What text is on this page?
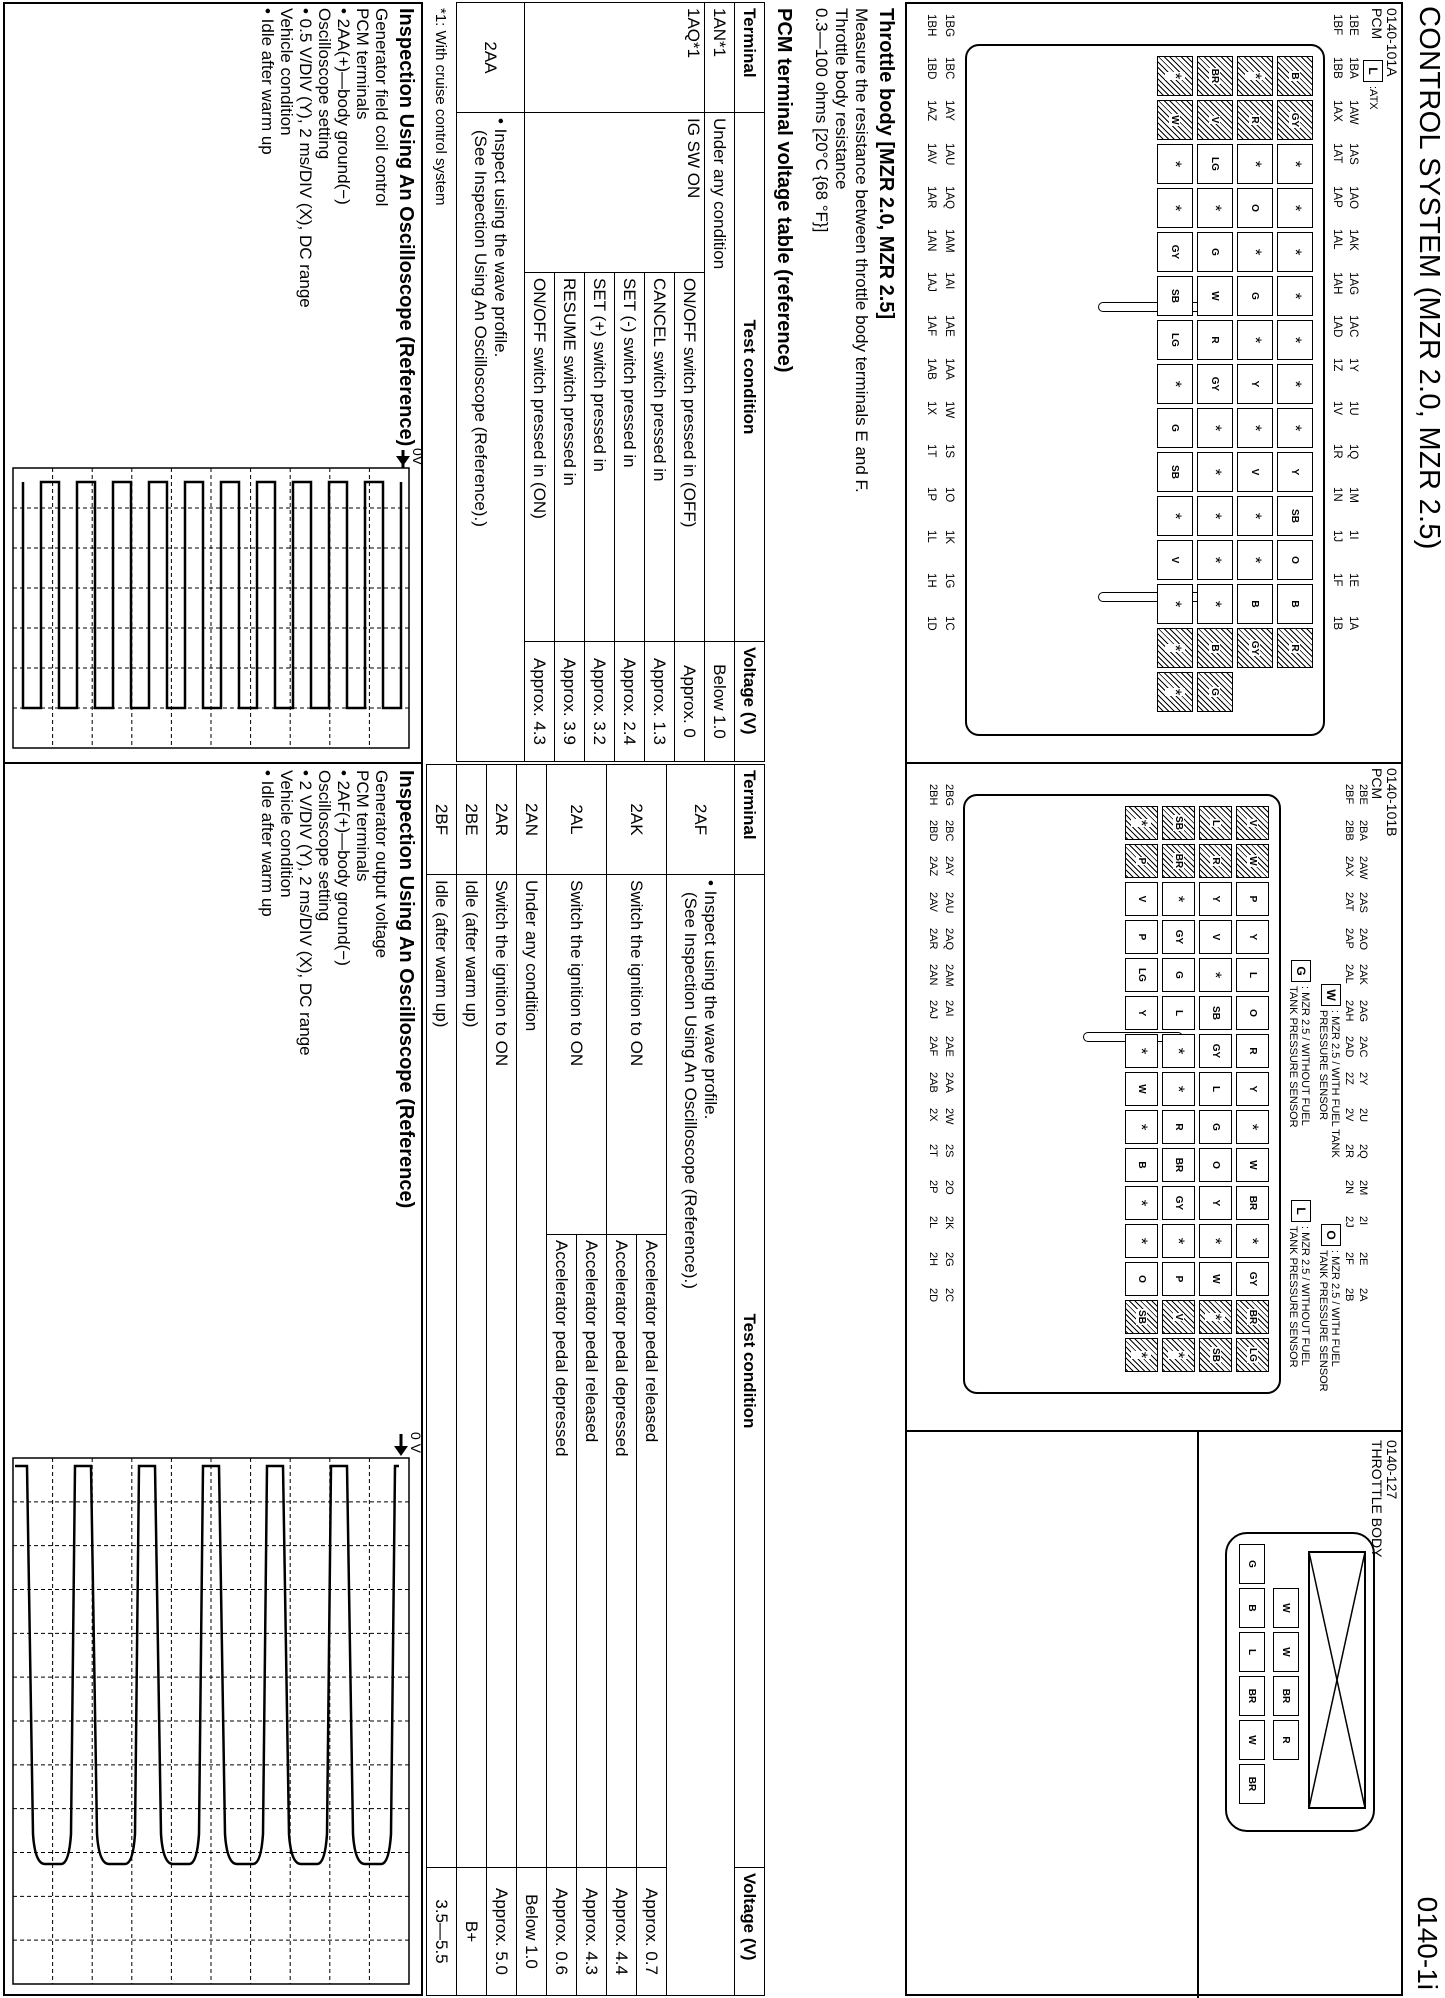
CONTROL SYSTEM (MZR 2.0, MZR 2.5)
0140-1i
0140-101A
PCM
L
:ATX
1BE
1BA
1AW
1AS
1AO
1AK
1AG
1AC
1Y
1U
1Q
1M
1I
1E
1A
1BF
1BB
1AX
1AT
1AP
1AL
1AH
1AD
1Z
1V
1R
1N
1J
1F
1B
B
GY
*
*
*
*
*
*
*
Y
SB
O
B
R
*
R
*
O
*
G
*
Y
*
V
*
*
B
GY
BR
V
LG
*
G
W
R
GY
*
*
*
*
*
B
G
*
W
*
*
GY
SB
LG
*
G
SB
*
V
*
*
*
1BG
1BC
1AY
1AU
1AQ
1AM
1AI
1AE
1AA
1W
1S
1O
1K
1G
1C
1BH
1BD
1AZ
1AV
1AR
1AN
1AJ
1AF
1AB
1X
1T
1P
1L
1H
1D
0140-101B
PCM
2BE
2BA
2AW
2AS
2AO
2AK
2AG
2AC
2Y
2U
2Q
2M
2I
2E
2A
2BF
2BB
2AX
2AT
2AP
2AL
2AH
2AD
2Z
2V
2R
2N
2J
2F
2B
W
: MZR 2.5 / WITH FUEL TANK
PRESSURE SENSOR
G
: MZR 2.5 / WITHOUT FUEL
TANK PRESSURE SENSOR
O
: MZR 2.5 / WITH FUEL
TANK PRESSURE SENSOR
L
: MZR 2.5 / WITHOUT FUEL
TANK PRESSURE SENSOR
V
W
P
Y
L
O
R
Y
*
W
BR
*
GY
BR
LG
L
R
Y
V
*
SB
GY
L
G
O
Y
*
W
*
SB
SB
BR
*
GY
G
L
*
*
R
BR
GY
*
P
V
*
*
P
V
P
LG
Y
*
W
*
B
*
*
O
SB
*
2BG
2BC
2AY
2AU
2AQ
2AM
2AI
2AE
2AA
2W
2S
2O
2K
2G
2C
2BH
2BD
2AZ
2AV
2AR
2AN
2AJ
2AF
2AB
2X
2T
2P
2L
2H
2D
0140-127
THROTTLE BODY
W
W
BR
R
G
B
L
BR
W
BR
Throttle body [MZR 2.0, MZR 2.5]
Measure the resistance between throttle body terminals E and F.
Throttle body resistance
0.3—100 ohms [20°C {68 °F}]
PCM terminal voltage table (reference)
Terminal	Test condition		Voltage (V)
1AN*1	Under any condition		Below 1.0
1AQ*1	IG SW ON	ON/OFF switch pressed in (OFF)	Approx. 0
		CANCEL switch pressed in	Approx. 1.3
		SET (-) switch pressed in	Approx. 2.4
		SET (+) switch pressed in	Approx. 3.2
		RESUME switch pressed in	Approx. 3.9
		ON/OFF switch pressed in (ON)	Approx. 4.3
2AA	• Inspect using the wave profile.
(See Inspection Using An Oscilloscope (Reference).)		
*1: With cruise control system
Terminal	Test condition		Voltage (V)
2AF	• Inspect using the wave profile.
(See Inspection Using An Oscilloscope (Reference).)		

2AK	Switch the ignition to ON	Accelerator pedal released	Approx. 0.7
		Accelerator pedal depressed	Approx. 4.4
2AL	Switch the ignition to ON	Accelerator pedal released	Approx. 4.3
		Accelerator pedal depressed	Approx. 0.6
2AN	Under any condition		Below 1.0
2AR	Switch the ignition to ON		Approx. 5.0
2BE	Idle (after warm up)		B+
2BF	Idle (after warm up)		3.5—5.5
Inspection Using An Oscilloscope (Reference)
Generator field coil control
PCM terminals
• 2AA(+)—body ground(−)
Oscilloscope setting
• 0.5 V/DIV (Y), 2 ms/DIV (X), DC range
Vehicle condition
• Idle after warm up
0V
Inspection Using An Oscilloscope (Reference)
Generator output voltage
PCM terminals
• 2AF(+)—body ground(−)
Oscilloscope setting
• 2 V/DIV (Y), 2 ms/DIV (X), DC range
Vehicle condition
• Idle after warm up
0 V
